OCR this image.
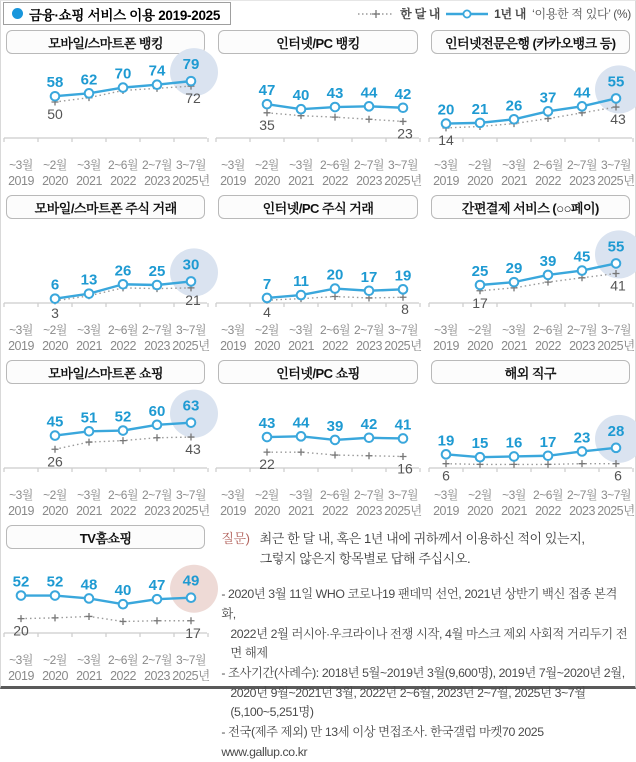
금융·쇼핑 서비스 이용 2019-2025	한 달 내	1년 내 ‘이용한 적 있다’ (%)
모바일/스마트폰 뱅킹
58 62 70 74 79
50
72
~3월
2019
~2월
2020
~3월
2021
2~6월
2022
2~7월
2023
3~7월
2025년
인터넷/PC 뱅킹
47 40 43 44 42
35
23
~3월
2019
~2월
2020
~3월
2021
2~6월
2022
2~7월
2023
3~7월
2025년
인터넷전문은행 (카카오뱅크 등)
20 21 26 37 44
55
14
43
~3월
2019
~2월
2020
~3월
2021
2~6월
2022
2~7월
2023
3~7월
2025년
모바일/스마트폰 주식 거래
6 13
26 25 30
3
21
~3월
2019
~2월
2020
~3월
2021
2~6월
2022
2~7월
2023
3~7월
2025년
인터넷/PC 주식 거래
7 11 20 17 19
4	8
~3월
2019
~2월
2020
~3월
2021
2~6월
2022
2~7월
2023
3~7월
2025년
간편결제 서비스 (○○페이)
25 29 39 45
55
17
41
~3월
2019
~2월
2020
~3월
2021
2~6월
2022
2~7월
2023
3~7월
2025년
모바일/스마트폰 쇼핑
45 51 52 60 63
26
43
~3월
2019
~2월
2020
~3월
2021
2~6월
2022
2~7월
2023
3~7월
2025년
인터넷/PC 쇼핑
43 44 39 42 41
22	16
~3월
2019
~2월
2020
~3월
2021
2~6월
2022
2~7월
2023
3~7월
2025년
해외 직구
19 15 16 17 23 28
6	6
~3월
2019
~2월
2020
~3월
2021
2~6월
2022
2~7월
2023
3~7월
2025년
TV홈쇼핑
52 52 48 40 47 49
20	17
~3월
2019
~2월
2020
~3월
2021
2~6월
2022
2~7월
2023
3~7월
2025년
질문) 최근 한 달 내, 혹은 1년 내에 귀하께서 이용하신 적이 있는지,
그렇지 않은지 항목별로 답해 주십시오.
- 2020년 3월 11일 WHO 코로나19 팬데믹 선언, 2021년 상반기 백신 접종 본격화,
2022년 2월 러시아·우크라이나 전쟁 시작, 4월 마스크 제외 사회적 거리두기 전면 해제
- 조사기간(사례수): 2018년 5월~2019년 3월(9,600명), 2019년 7월~2020년 2월,
2020년 9월~2021년 3월, 2022년 2~6월, 2023년 2~7월, 2025년 3~7월(5,100~5,251명)
- 전국(제주 제외) 만 13세 이상 면접조사. 한국갤럽 마켓70 2025 www.gallup.co.kr
